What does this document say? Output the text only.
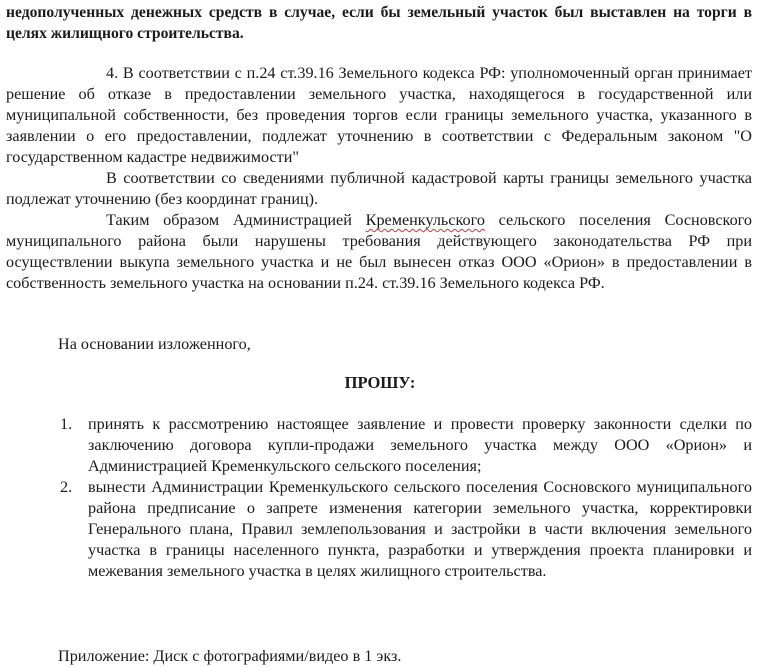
недополученных денежных средств в случае, если бы земельный участок был выставлен на торги в целях жилищного строительства.

4. В соответствии с п.24 ст.39.16 Земельного кодекса РФ: уполномоченный орган принимает решение об отказе в предоставлении земельного участка, находящегося в государственной или муниципальной собственности, без проведения торгов если границы земельного участка, указанного в заявлении о его предоставлении, подлежат уточнению в соответствии с Федеральным законом "О государственном кадастре недвижимости"

В соответствии со сведениями публичной кадастровой карты границы земельного участка подлежат уточнению (без координат границ).

Таким образом Администрацией Кременкульского сельского поселения Сосновского муниципального района были нарушены требования действующего законодательства РФ при осуществлении выкупа земельного участка и не был вынесен отказ ООО «Орион» в предоставлении в собственность земельного участка на основании п.24. ст.39.16 Земельного кодекса РФ.

На основании изложенного,
ПРОШУ:
1. принять к рассмотрению настоящее заявление и провести проверку законности сделки по заключению договора купли-продажи земельного участка между ООО «Орион» и Администрацией Кременкульского сельского поселения;
2. вынести Администрации Кременкульского сельского поселения Сосновского муниципального района предписание о запрете изменения категории земельного участка, корректировки Генерального плана, Правил землепользования и застройки в части включения земельного участка в границы населенного пункта, разработки и утверждения проекта планировки и межевания земельного участка в целях жилищного строительства.
Приложение: Диск с фотографиями/видео в 1 экз.
